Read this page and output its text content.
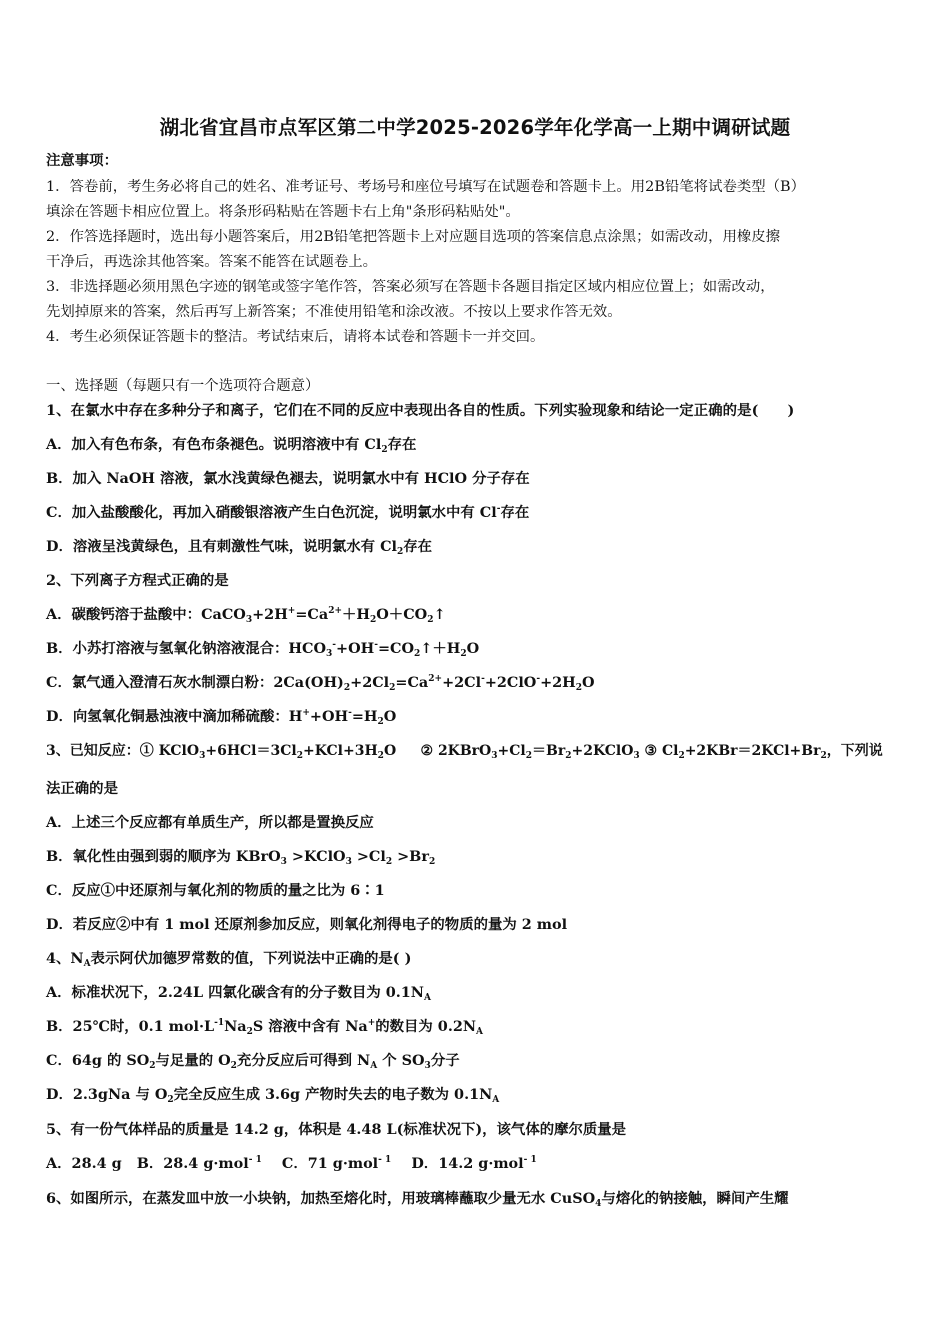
湖北省宜昌市点军区第二中学2025-2026学年化学高一上期中调研试题
注意事项：
1．答卷前，考生务必将自己的姓名、准考证号、考场号和座位号填写在试题卷和答题卡上。用2B铅笔将试卷类型（B）
填涂在答题卡相应位置上。将条形码粘贴在答题卡右上角"条形码粘贴处"。
2．作答选择题时，选出每小题答案后，用2B铅笔把答题卡上对应题目选项的答案信息点涂黑；如需改动，用橡皮擦
干净后，再选涂其他答案。答案不能答在试题卷上。
3．非选择题必须用黑色字迹的钢笔或签字笔作答，答案必须写在答题卡各题目指定区域内相应位置上；如需改动，
先划掉原来的答案，然后再写上新答案；不准使用铅笔和涂改液。不按以上要求作答无效。
4．考生必须保证答题卡的整洁。考试结束后，请将本试卷和答题卡一并交回。
一、选择题（每题只有一个选项符合题意）
1、在氯水中存在多种分子和离子，它们在不同的反应中表现出各自的性质。下列实验现象和结论一定正确的是(　　)
A．加入有色布条，有色布条褪色。说明溶液中有 $Cl_2$存在
B．加入 NaOH 溶液，氯水浅黄绿色褪去，说明氯水中有 HClO 分子存在
C．加入盐酸酸化，再加入硝酸银溶液产生白色沉淀，说明氯水中有 Cl-存在
D．溶液呈浅黄绿色，且有刺激性气味，说明氯水有 $Cl_2$存在
2、下列离子方程式正确的是
A．碳酸钙溶于盐酸中：$CaCO_3+2H^+=Ca^{2+}+H_2O+CO_2↑$
B．小苏打溶液与氢氧化钠溶液混合：$HCO_3^-+OH^-=CO_2↑+H_2O$
C．氯气通入澄清石灰水制漂白粉：$2Ca(OH)_2+2Cl_2=Ca^{2+}+2Cl^-+2ClO^-+2H_2O$
D．向氢氧化铜悬浊液中滴加稀硫酸：$H^++OH^-=H_2O$
3、已知反应：① $KClO_3+6HCl=3Cl_2+KCl+3H_2O$ ② $2KBrO_3+Cl_2=Br_2+2KClO_3$ ③ $Cl_2+2KBr=2KCl+Br_2$，下列说
法正确的是
A．上述三个反应都有单质生产，所以都是置换反应
B．氧化性由强到弱的顺序为 KBrO$_3$ >KClO$_3$ $>Cl_2 >Br_2$
C．反应①中还原剂与氧化剂的物质的量之比为 6∶1
D．若反应②中有 1 mol 还原剂参加反应，则氧化剂得电子的物质的量为 2 mol
4、$N_A$表示阿伏加德罗常数的值，下列说法中正确的是( )
A．标准状况下，2.24L 四氯化碳含有的分子数目为 $0.1N_A$
B．25℃时，0.1 $mol\cdot L^{-1}Na_2S$ 溶液中含有 Na+的数目为 $0.2N_A$
C．64g 的 $SO_2$与足量的 $O_2$充分反应后可得到 $N_A$ 个 $SO_3$分子
D．2.3gNa 与 $O_2$完全反应生成 3.6g 产物时失去的电子数为 $0.1N_A$
5、有一份气体样品的质量是 14.2 g，体积是 4.48 L(标准状况下)，该气体的摩尔质量是
A．28.4 g B．28.4 g·mol$^{- 1}$ C．71 g·mol$^{- 1}$ D．14.2 g·mol$^{- 1}$
6、如图所示，在蒸发皿中放一小块钠，加热至熔化时，用玻璃棒蘸取少量无水 CuSO$_4$与熔化的钠接触，瞬间产生耀
